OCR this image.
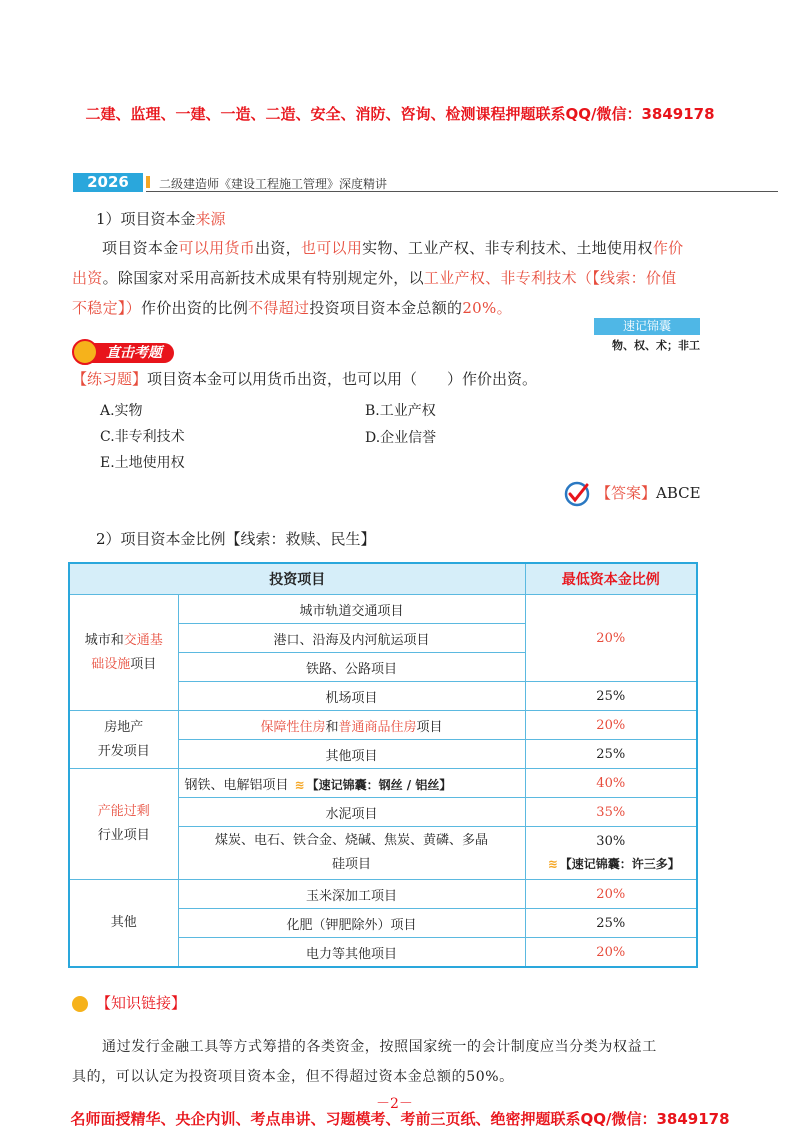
二建、监理、一建、一造、二造、安全、消防、咨询、检测课程押题联系QQ/微信：3849178
2026	二级建造师《建设工程施工管理》深度精讲
1）项目资本金来源
项目资本金可以用货币出资，也可以用实物、工业产权、非专利技术、土地使用权作价
出资。除国家对采用高新技术成果有特别规定外，以工业产权、非专利技术（【线索：价值
不稳定】）作价出资的比例不得超过投资项目资本金总额的20%。
速记锦囊
物、权、术；非工
直击考题
【练习题】项目资本金可以用货币出资，也可以用（　　）作价出资。
A.实物	B.工业产权
C.非专利技术	D.企业信誉
E.土地使用权
【答案】ABCE
2）项目资本金比例【线索：救赎、民生】
投资项目		最低资本金比例
城市和交通基
础设施项目	城市轨道交通项目	20%
	港口、沿海及内河航运项目	
	铁路、公路项目	
	机场项目	25%
房地产
开发项目	保障性住房和普通商品住房项目	20%
	其他项目	25%
产能过剩
行业项目	钢铁、电解铝项目 ≋ 【速记锦囊：钢丝 / 铝丝】	40%
	水泥项目	35%
	煤炭、电石、铁合金、烧碱、焦炭、黄磷、多晶
硅项目	30%
≋ 【速记锦囊：许三多】
其他	玉米深加工项目	20%
	化肥（钾肥除外）项目	25%
	电力等其他项目	20%
【知识链接】
通过发行金融工具等方式筹措的各类资金，按照国家统一的会计制度应当分类为权益工
具的，可以认定为投资项目资本金，但不得超过资本金总额的50%。
－2－
名师面授精华、央企内训、考点串讲、习题模考、考前三页纸、绝密押题联系QQ/微信：3849178
